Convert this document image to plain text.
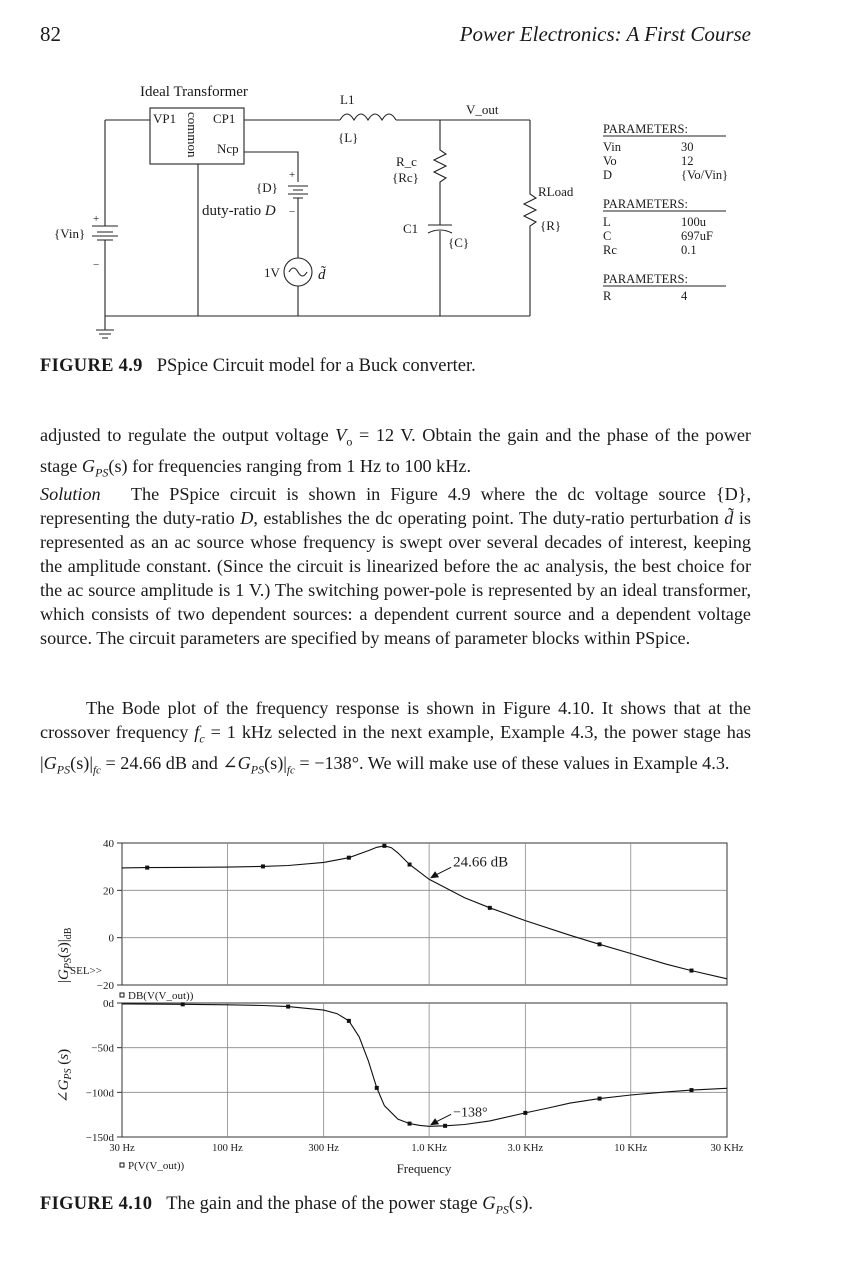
82	Power Electronics: A First Course
Ideal Transformer
VP1	CP1
common Ncp
+
−
{Vin}
+
−
{D}
duty-ratio D
1V	d̃
L1
{L}
V_out
R_c
{Rc}
C1
{C}
RLoad
{R}
PARAMETERS:
Vin	30
Vo	12
D	{Vo/Vin}
PARAMETERS:
L	100u
C	697uF
Rc	0.1
PARAMETERS:
R	4
FIGURE 4.9 PSpice Circuit model for a Buck converter.

adjusted to regulate the output voltage $V_o = 12$ V. Obtain the gain and the phase of the power stage $G_{PS}(s)$ for frequencies ranging from 1 Hz to 100 kHz.

Solution The PSpice circuit is shown in Figure 4.9 where the dc voltage source {D}, representing the duty-ratio D, establishes the dc operating point. The duty-ratio perturbation d̃ is represented as an ac source whose frequency is swept over several decades of interest, keeping the amplitude constant. (Since the circuit is linearized before the ac analysis, the best choice for the ac source amplitude is 1 V.) The switching power-pole is represented by an ideal transformer, which consists of two dependent sources: a dependent current source and a dependent voltage source. The circuit parameters are specified by means of parameter blocks within PSpice.

The Bode plot of the frequency response is shown in Figure 4.10. It shows that at the crossover frequency $f_c = 1$ kHz selected in the next example, Example 4.3, the power stage has $|G_{PS}(s)|_{fc} = 24.66$ dB and $\angle G_{PS}(s)|_{fc} = -138^\circ$. We will make use of these values in Example 4.3.

40
20
0
−20
24.66 dB
SEL>>
DB(V(V_out))
0d
−50d
−100d
−150d
−138°
30 Hz	100 Hz	300 Hz	1.0 KHz	3.0 KHz	10 KHz	30 KHz
Frequency
P(V(V_out))
$|G_{PS}(s)|_{dB}$
$\angle G_{PS}$ (s)
FIGURE 4.10 The gain and the phase of the power stage $G_{PS}(s)$.
